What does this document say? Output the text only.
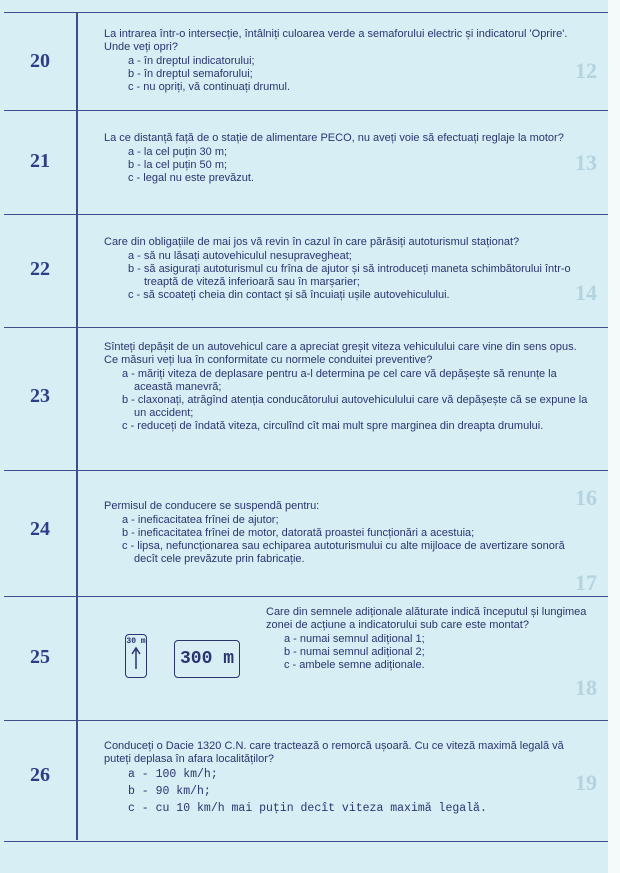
12
13
14
16
17
18
19
20

La intrarea într-o intersecție, întâlniți culoarea verde a semaforului electric și indicatorul 'Oprire'. Unde veți opri?

a - în dreptul indicatorului;

b - în dreptul semaforului;

c - nu opriți, vă continuați drumul.

21

La ce distanță față de o stație de alimentare PECO, nu aveți voie să efectuați reglaje la motor?

a - la cel puțin 30 m;

b - la cel puțin 50 m;

c - legal nu este prevăzut.

22

Care din obligațiile de mai jos vă revin în cazul în care părăsiți autoturismul staționat?

a - să nu lăsați autovehiculul nesupravegheat;

b - să asigurați autoturismul cu frîna de ajutor și să introduceți maneta schimbătorului într-o treaptă de viteză inferioară sau în marșarier;

c - să scoateți cheia din contact și să încuiați ușile autovehiculului.

23

Sînteți depășit de un autovehicul care a apreciat greșit viteza vehiculului care vine din sens opus. Ce măsuri veți lua în conformitate cu normele conduitei preventive?

a - măriți viteza de deplasare pentru a-l determina pe cel care vă depășește să renunțe la această manevră;

b - claxonați, atrăgînd atenția conducătorului autovehiculului care vă depășește că se expune la un accident;

c - reduceți de îndată viteza, circulînd cît mai mult spre marginea din dreapta drumului.

24

Permisul de conducere se suspendă pentru:

a - ineficacitatea frînei de ajutor;

b - ineficacitatea frînei de motor, datorată proastei funcționări a acestuia;

c - lipsa, nefuncționarea sau echiparea autoturismului cu alte mijloace de avertizare sonoră decît cele prevăzute prin fabricație.

25
30 m
300 m

Care din semnele adiționale alăturate indică începutul și lungimea zonei de acțiune a indicatorului sub care este montat?

a - numai semnul adițional 1;

b - numai semnul adițional 2;

c - ambele semne adiționale.

26

Conduceți o Dacie 1320 C.N. care tractează o remorcă ușoară. Cu ce viteză maximă legală vă puteți deplasa în afara localităților?

a - 100 km/h;

b - 90 km/h;

c - cu 10 km/h mai puțin decît viteza maximă legală.
